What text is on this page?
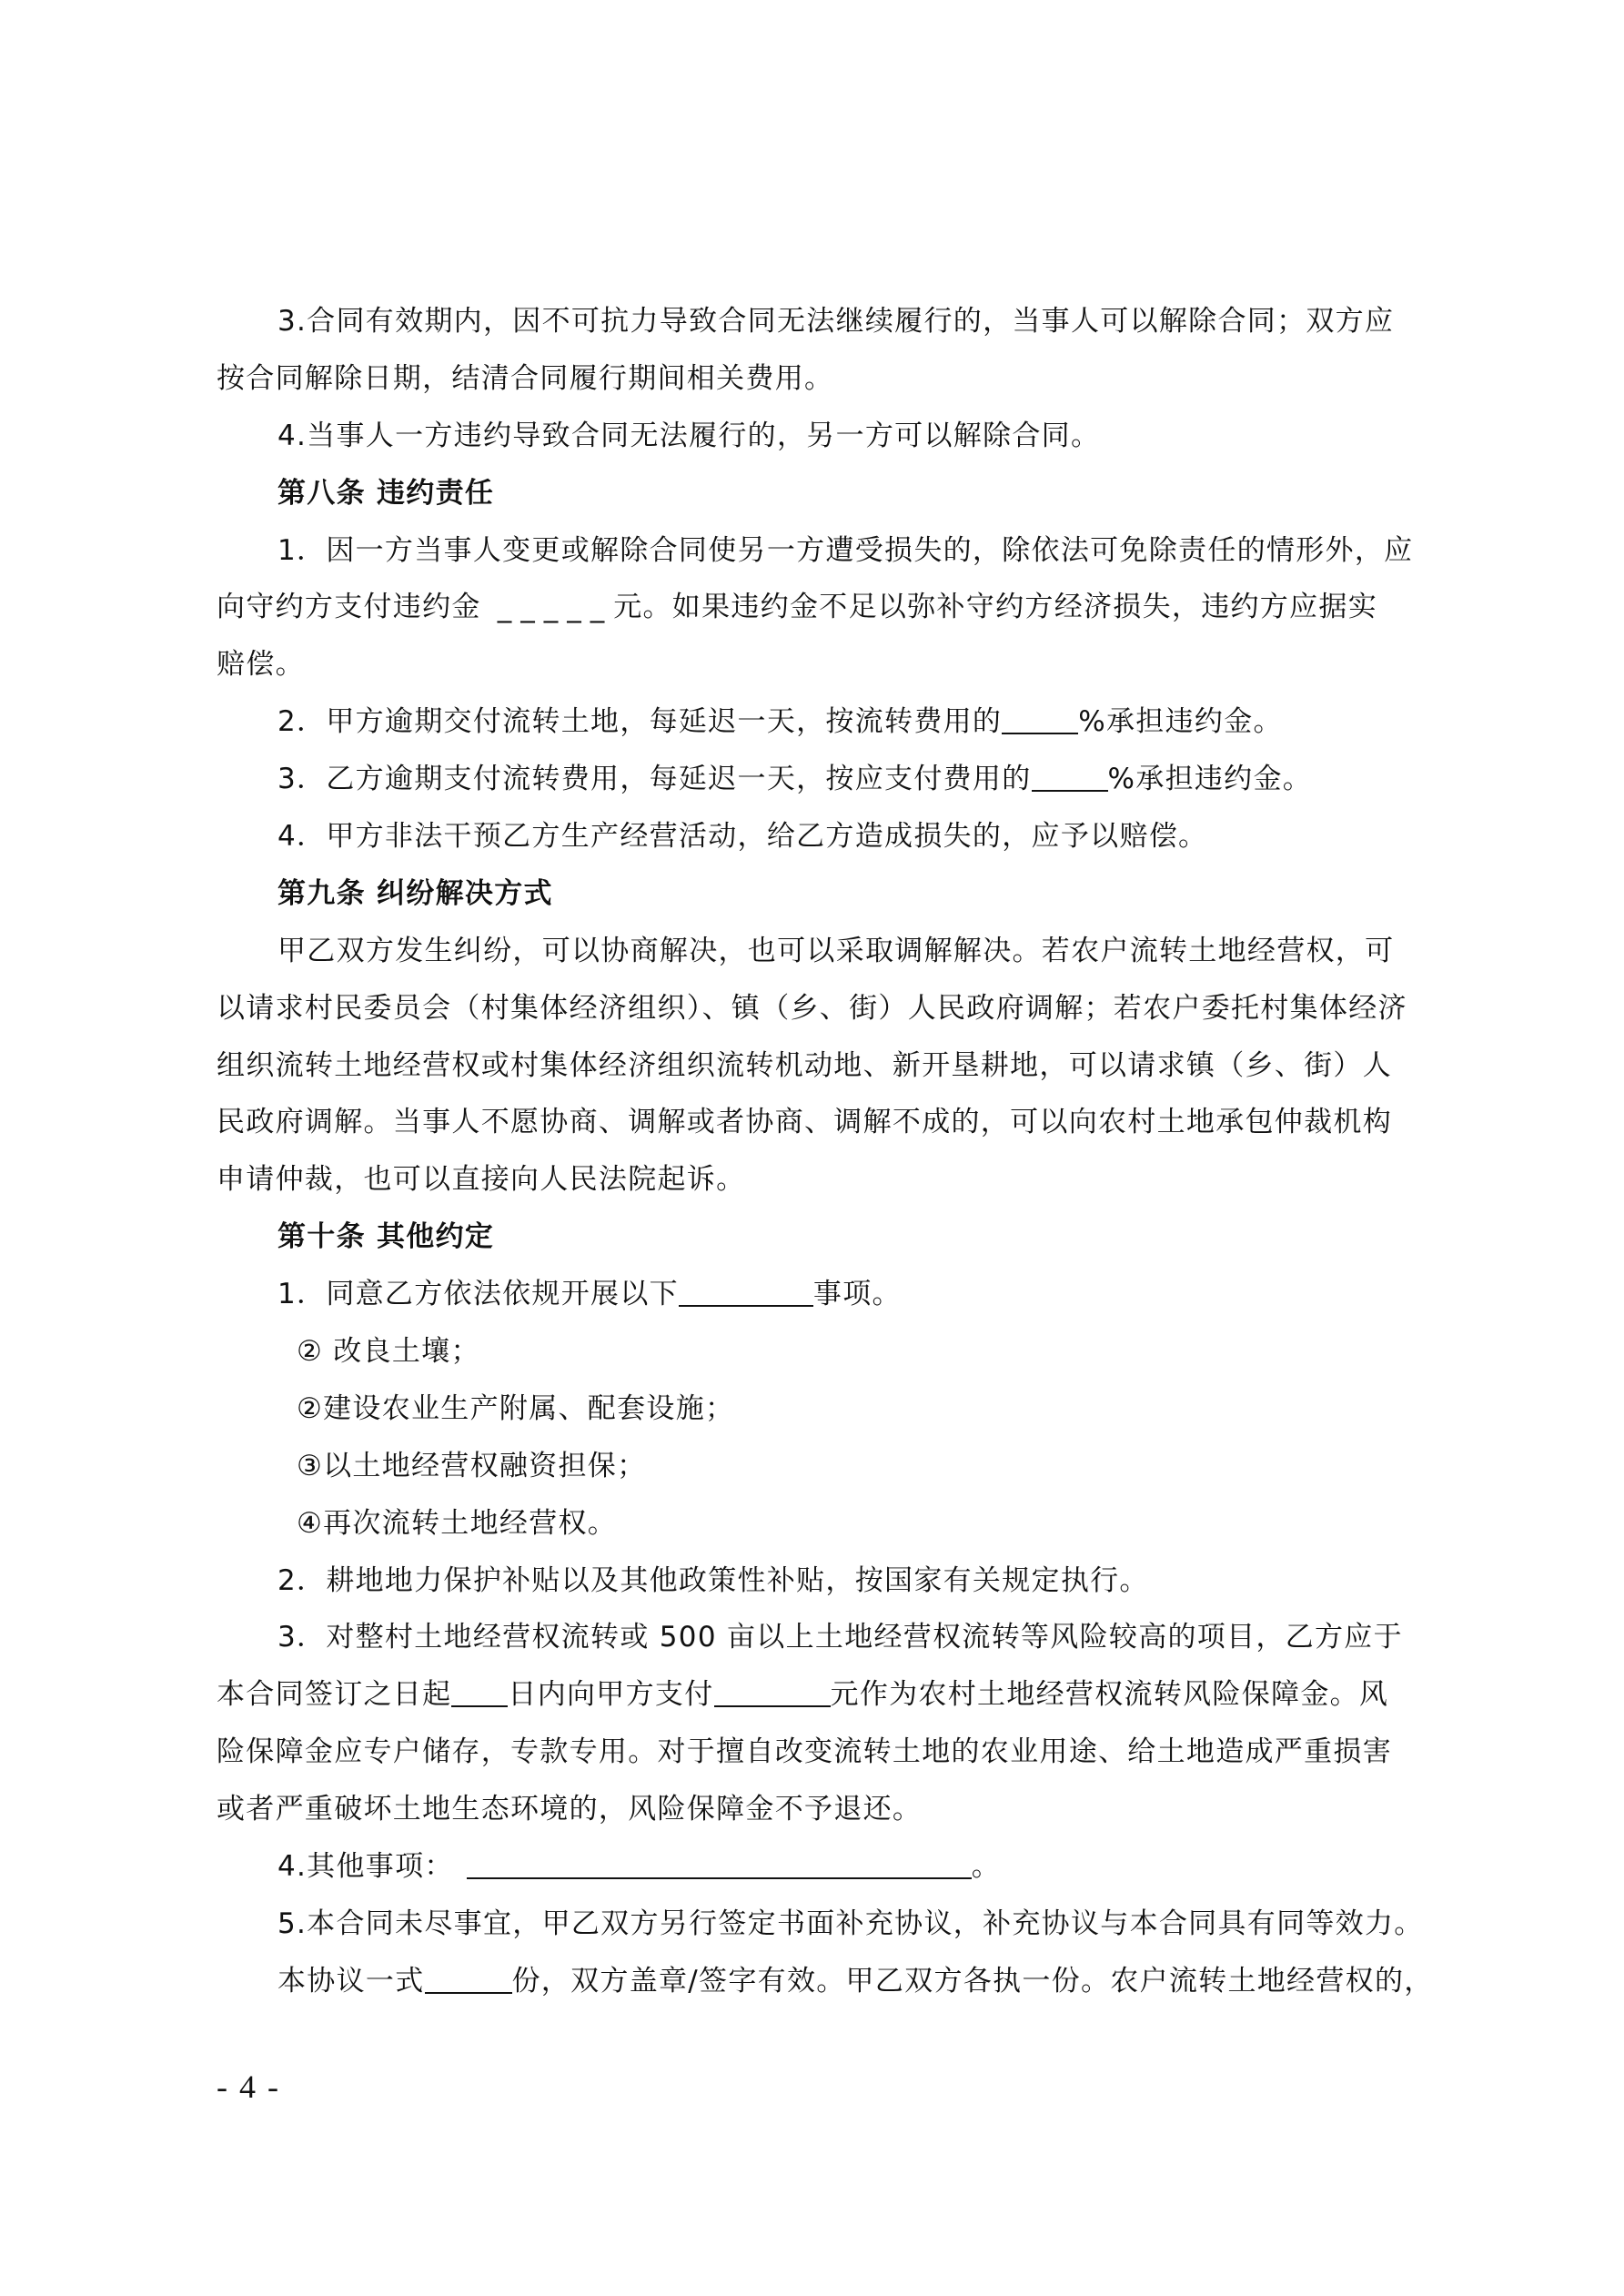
3.合同有效期内，因不可抗力导致合同无法继续履行的，当事人可以解除合同；双方应
按合同解除日期，结清合同履行期间相关费用。
4.当事人一方违约导致合同无法履行的，另一方可以解除合同。
第八条 违约责任
1．因一方当事人变更或解除合同使另一方遭受损失的，除依法可免除责任的情形外，应
向守约方支付违约金 _____元。如果违约金不足以弥补守约方经济损失，违约方应据实
赔偿。
2．甲方逾期交付流转土地，每延迟一天，按流转费用的	%承担违约金。
3．乙方逾期支付流转费用，每延迟一天，按应支付费用的	%承担违约金。
4．甲方非法干预乙方生产经营活动，给乙方造成损失的，应予以赔偿。
第九条 纠纷解决方式
甲乙双方发生纠纷，可以协商解决，也可以采取调解解决。若农户流转土地经营权，可
以请求村民委员会（村集体经济组织）、镇（乡、街）人民政府调解；若农户委托村集体经济
组织流转土地经营权或村集体经济组织流转机动地、新开垦耕地，可以请求镇（乡、街）人
民政府调解。当事人不愿协商、调解或者协商、调解不成的，可以向农村土地承包仲裁机构
申请仲裁，也可以直接向人民法院起诉。
第十条 其他约定
1．同意乙方依法依规开展以下	事项。
② 改良土壤；
②建设农业生产附属、配套设施；
③以土地经营权融资担保；
④再次流转土地经营权。
2．耕地地力保护补贴以及其他政策性补贴，按国家有关规定执行。
3．对整村土地经营权流转或 500 亩以上土地经营权流转等风险较高的项目，乙方应于
本合同签订之日起 日内向甲方支付	元作为农村土地经营权流转风险保障金。风
险保障金应专户储存，专款专用。对于擅自改变流转土地的农业用途、给土地造成严重损害
或者严重破坏土地生态环境的，风险保障金不予退还。
4.其他事项：	。
5.本合同未尽事宜，甲乙双方另行签定书面补充协议，补充协议与本合同具有同等效力。
本协议一式	份，双方盖章/签字有效。甲乙双方各执一份。农户流转土地经营权的，
- 4 -
